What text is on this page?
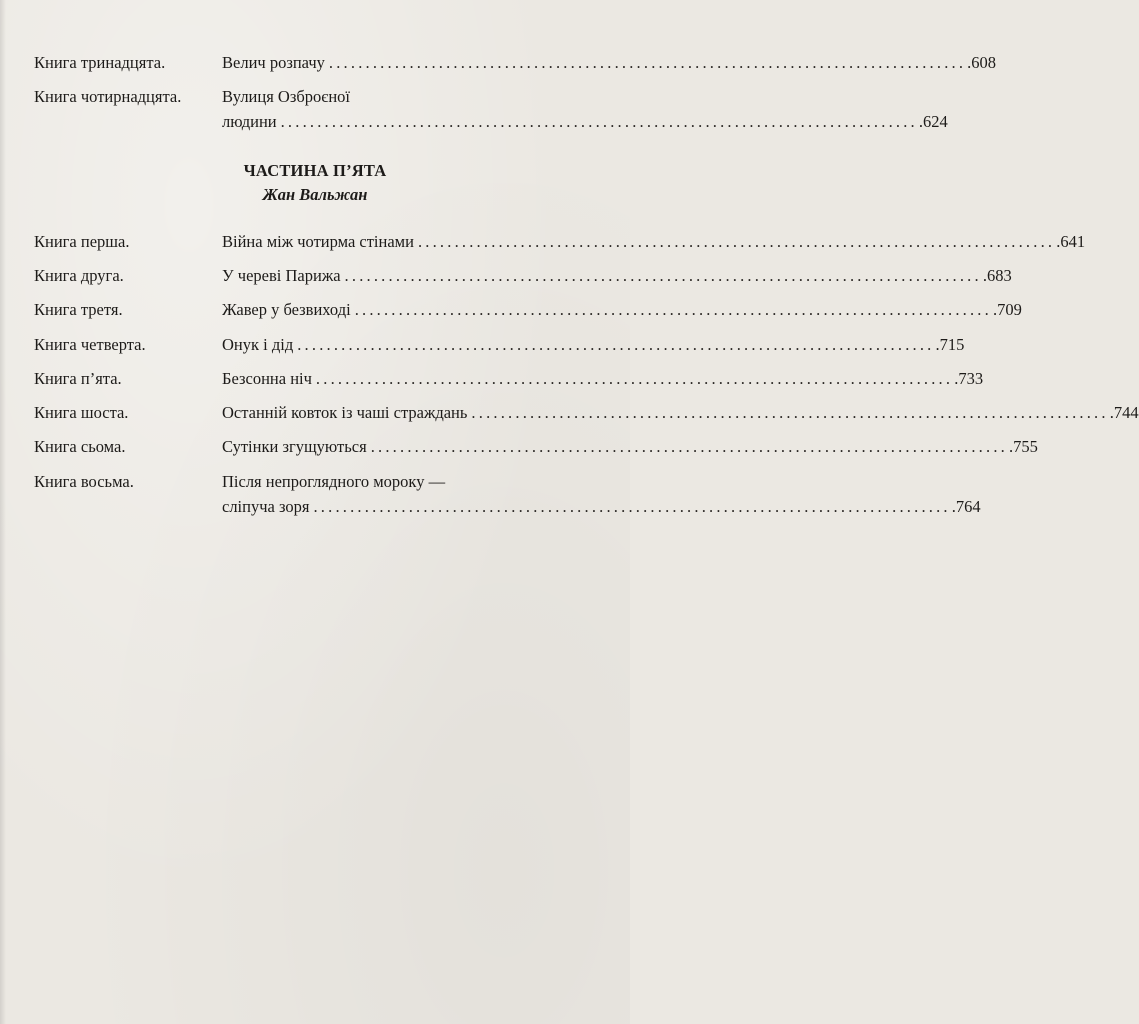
Книга тринадцята.	Велич розпачу ....................................................................................... .608
Книга чотирнадцята. Вулиця Озброєної
людини ....................................................................................... .624
ЧАСТИНА П’ЯТА
Жан Вальжан
Книга перша.	Війна між чотирма стінами ....................................................................................... .641
Книга друга.	У череві Парижа ....................................................................................... .683
Книга третя.	Жавер у безвиході ....................................................................................... .709
Книга четверта.	Онук і дід ....................................................................................... .715
Книга п’ята.	Безсонна ніч ....................................................................................... .733
Книга шоста.	Останній ковток із чаші страждань ....................................................................................... .744
Книга сьома.	Сутінки згущуються ....................................................................................... .755
Книга восьма.	Після непроглядного мороку —
сліпуча зоря ....................................................................................... .764
